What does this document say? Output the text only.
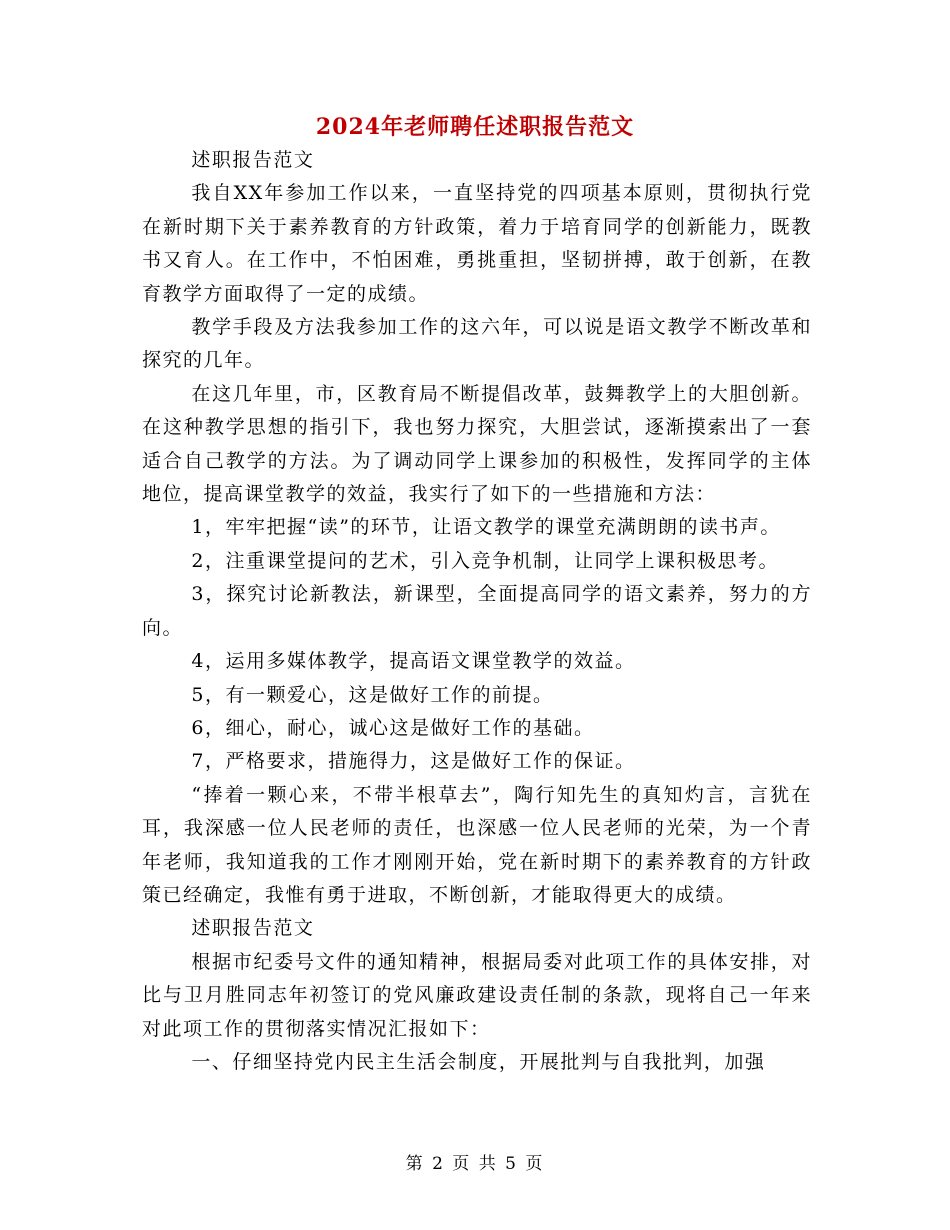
2024年老师聘任述职报告范文

述职报告范文

我自XX年参加工作以来，一直坚持党的四项基本原则，贯彻执行党在新时期下关于素养教育的方针政策，着力于培育同学的创新能力，既教书又育人。在工作中，不怕困难，勇挑重担，坚韧拼搏，敢于创新，在教育教学方面取得了一定的成绩。

教学手段及方法我参加工作的这六年，可以说是语文教学不断改革和探究的几年。

在这几年里，市，区教育局不断提倡改革，鼓舞教学上的大胆创新。在这种教学思想的指引下，我也努力探究，大胆尝试，逐渐摸索出了一套适合自己教学的方法。为了调动同学上课参加的积极性，发挥同学的主体地位，提高课堂教学的效益，我实行了如下的一些措施和方法：

1，牢牢把握“读”的环节，让语文教学的课堂充满朗朗的读书声。

2，注重课堂提问的艺术，引入竞争机制，让同学上课积极思考。

3，探究讨论新教法，新课型，全面提高同学的语文素养，努力的方向。

4，运用多媒体教学，提高语文课堂教学的效益。

5，有一颗爱心，这是做好工作的前提。

6，细心，耐心，诚心这是做好工作的基础。

7，严格要求，措施得力，这是做好工作的保证。

“捧着一颗心来，不带半根草去”，陶行知先生的真知灼言，言犹在耳，我深感一位人民老师的责任，也深感一位人民老师的光荣，为一个青年老师，我知道我的工作才刚刚开始，党在新时期下的素养教育的方针政策已经确定，我惟有勇于进取，不断创新，才能取得更大的成绩。

述职报告范文

根据市纪委号文件的通知精神，根据局委对此项工作的具体安排，对比与卫月胜同志年初签订的党风廉政建设责任制的条款，现将自己一年来对此项工作的贯彻落实情况汇报如下：

一、仔细坚持党内民主生活会制度，开展批判与自我批判，加强

第 2 页 共 5 页
